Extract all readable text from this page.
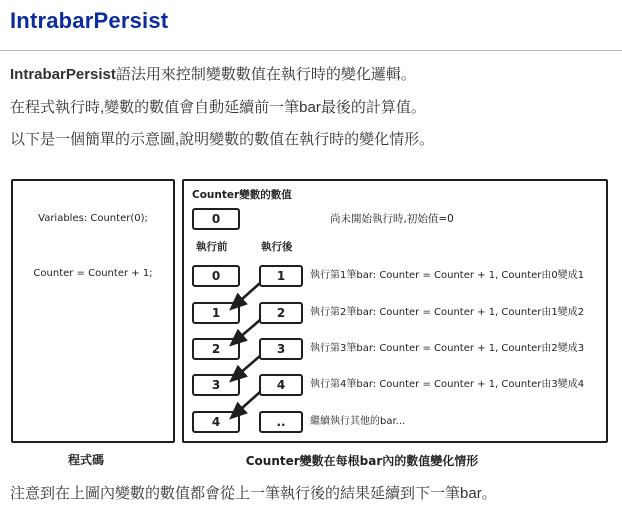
IntrabarPersist

IntrabarPersist語法用來控制變數數值在執行時的變化邏輯。

在程式執行時,變數的數值會自動延續前一筆bar最後的計算值。

以下是一個簡單的示意圖,說明變數的數值在執行時的變化情形。

Variables: Counter(0);
Counter = Counter + 1;
程式碼
Counter變數的數值
0	尚未開始執行時,初始值=0
執行前	執行後
0	1	執行第1筆bar: Counter = Counter + 1, Counter由0變成1
1	2	執行第2筆bar: Counter = Counter + 1, Counter由1變成2
2	3	執行第3筆bar: Counter = Counter + 1, Counter由2變成3
3	4	執行第4筆bar: Counter = Counter + 1, Counter由3變成4
4	..	繼續執行其他的bar...
Counter變數在每根bar內的數值變化情形

注意到在上圖內變數的數值都會從上一筆執行後的結果延續到下一筆bar。
